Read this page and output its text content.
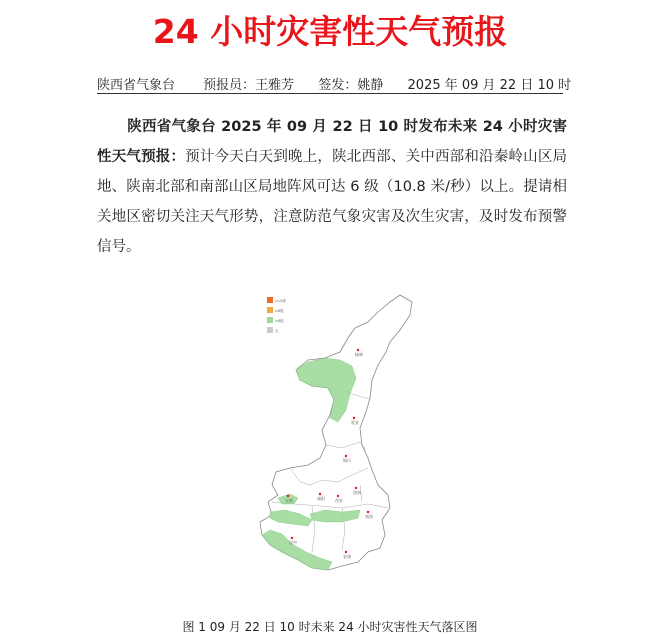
24 小时灾害性天气预报
陕西省气象台 预报员：王雅芳 签发：姚静 2025 年 09 月 22 日 10 时
陕西省气象台 2025 年 09 月 22 日 10 时发布未来 24 小时灾害性天气预报：预计今天白天到晚上，陕北西部、关中西部和沿秦岭山区局地、陕南北部和南部山区局地阵风可达 6 级（10.8 米/秒）以上。提请相关地区密切关注天气形势，注意防范气象灾害及次生灾害，及时发布预警信号。
≥10级
≥8级
≥6级
无
榆林
延安
铜川
宝鸡	咸阳	西安
渭南
汉中
商洛
安康
图 1 09 月 22 日 10 时未来 24 小时灾害性天气落区图
